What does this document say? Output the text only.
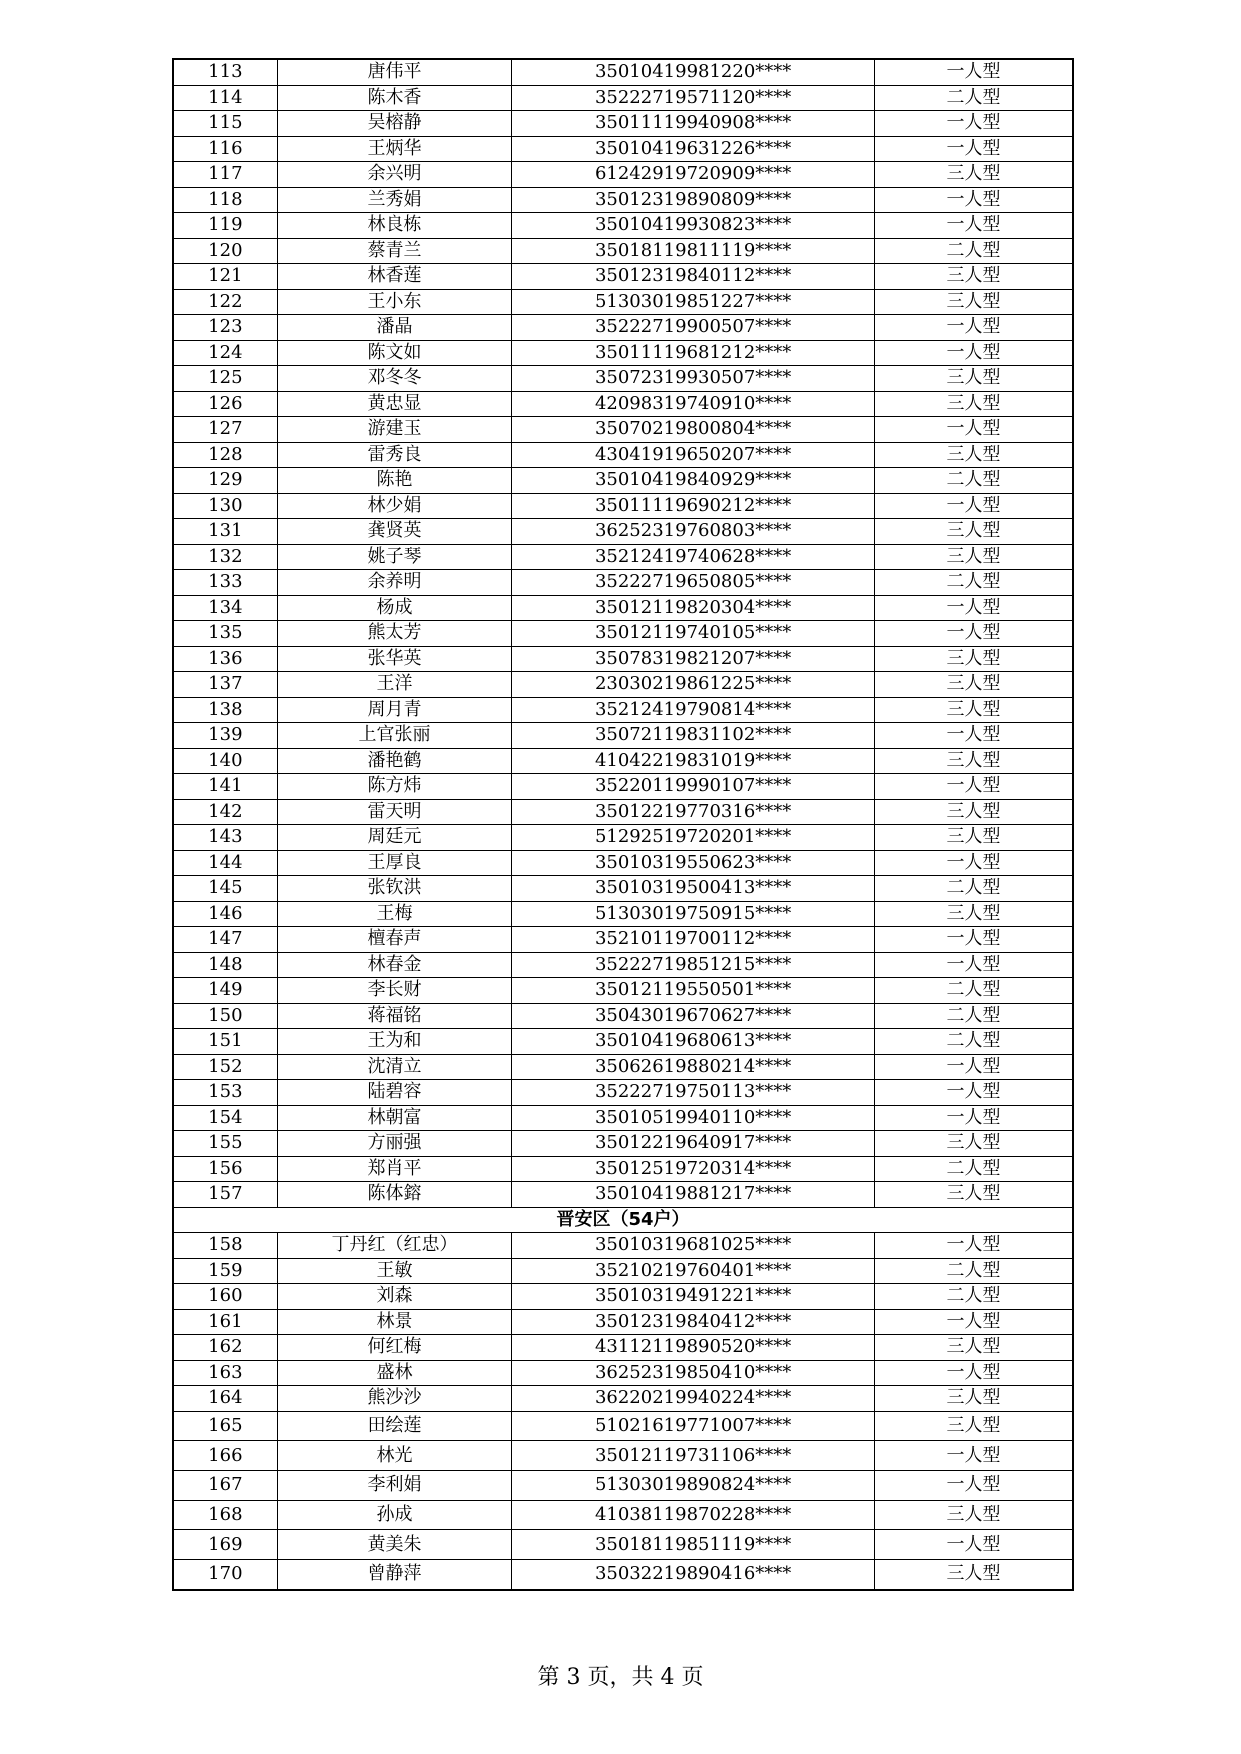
113	唐伟平	35010419981220****	一人型
114	陈木香	35222719571120****	二人型
115	吴榕静	35011119940908****	一人型
116	王炳华	35010419631226****	一人型
117	余兴明	61242919720909****	三人型
118	兰秀娟	35012319890809****	一人型
119	林良栋	35010419930823****	一人型
120	蔡青兰	35018119811119****	二人型
121	林香莲	35012319840112****	三人型
122	王小东	51303019851227****	三人型
123	潘晶	35222719900507****	一人型
124	陈文如	35011119681212****	一人型
125	邓冬冬	35072319930507****	三人型
126	黄忠显	42098319740910****	三人型
127	游建玉	35070219800804****	一人型
128	雷秀良	43041919650207****	三人型
129	陈艳	35010419840929****	二人型
130	林少娟	35011119690212****	一人型
131	龚贤英	36252319760803****	三人型
132	姚子琴	35212419740628****	三人型
133	余养明	35222719650805****	二人型
134	杨成	35012119820304****	一人型
135	熊太芳	35012119740105****	一人型
136	张华英	35078319821207****	三人型
137	王洋	23030219861225****	三人型
138	周月青	35212419790814****	三人型
139	上官张丽	35072119831102****	一人型
140	潘艳鹤	41042219831019****	三人型
141	陈方炜	35220119990107****	一人型
142	雷天明	35012219770316****	三人型
143	周廷元	51292519720201****	三人型
144	王厚良	35010319550623****	一人型
145	张钦洪	35010319500413****	二人型
146	王梅	51303019750915****	三人型
147	檀春声	35210119700112****	一人型
148	林春金	35222719851215****	一人型
149	李长财	35012119550501****	二人型
150	蒋福铭	35043019670627****	二人型
151	王为和	35010419680613****	二人型
152	沈清立	35062619880214****	一人型
153	陆碧容	35222719750113****	一人型
154	林朝富	35010519940110****	一人型
155	方丽强	35012219640917****	三人型
156	郑肖平	35012519720314****	二人型
157	陈体鎔	35010419881217****	三人型
晋安区（54户）			
158	丁丹红（红忠）	35010319681025****	一人型
159	王敏	35210219760401****	二人型
160	刘森	35010319491221****	二人型
161	林景	35012319840412****	一人型
162	何红梅	43112119890520****	三人型
163	盛林	36252319850410****	一人型
164	熊沙沙	36220219940224****	三人型
165	田绘莲	51021619771007****	三人型
166	林光	35012119731106****	一人型
167	李利娟	51303019890824****	一人型
168	孙成	41038119870228****	三人型
169	黄美朱	35018119851119****	一人型
170	曾静萍	35032219890416****	三人型
第 3 页，共 4 页
